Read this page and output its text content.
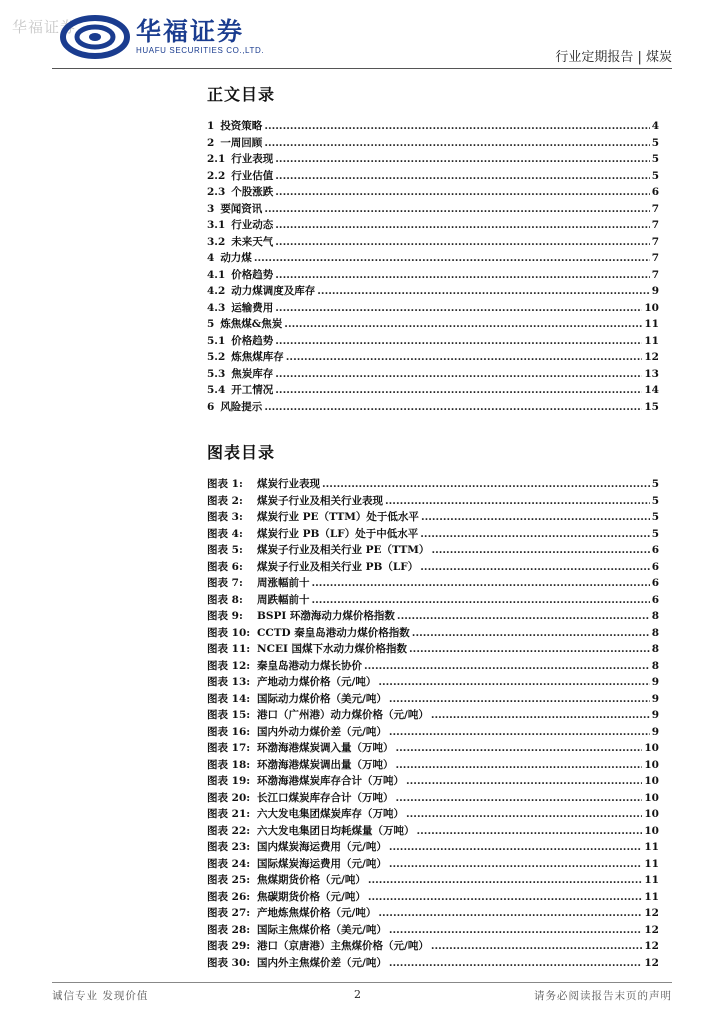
华福证券 华福证券
HUAFU SECURITIES CO.,LTD.	行业定期报告 | 煤炭
正文目录
1 投资策略 .....	4
2 一周回顾 .....	5
2.1 行业表现 .....	5
2.2 行业估值 .....	5
2.3 个股涨跌 .....	6
3 要闻资讯 .....	7
3.1 行业动态 .....	7
3.2 未来天气 .....	7
4 动力煤 .....	7
4.1 价格趋势 .....	7
4.2 动力煤调度及库存 .....	9
4.3 运输费用 .....	10
5 炼焦煤&焦炭 .....	11
5.1 价格趋势 .....	11
5.2 炼焦煤库存 .....	12
5.3 焦炭库存 .....	13
5.4 开工情况 .....	14
6 风险提示 .....	15
图表目录
图表 1:	煤炭行业表现 .....	5
图表 2:	煤炭子行业及相关行业表现 .....	5
图表 3:	煤炭行业 PE（TTM）处于低水平 .....	5
图表 4:	煤炭行业 PB（LF）处于中低水平 .....	5
图表 5:	煤炭子行业及相关行业 PE（TTM） .....	6
图表 6:	煤炭子行业及相关行业 PB（LF） .....	6
图表 7:	周涨幅前十 .....	6
图表 8:	周跌幅前十 .....	6
图表 9:	BSPI 环渤海动力煤价格指数 .....	8
图表 10: CCTD 秦皇岛港动力煤价格指数 .....	8
图表 11: NCEI 国煤下水动力煤价格指数 .....	8
图表 12: 秦皇岛港动力煤长协价 .....	8
图表 13: 产地动力煤价格（元/吨） .....	9
图表 14: 国际动力煤价格（美元/吨） .....	9
图表 15: 港口（广州港）动力煤价格（元/吨） .....	9
图表 16: 国内外动力煤价差（元/吨） .....	9
图表 17: 环渤海港煤炭调入量（万吨） .....	10
图表 18: 环渤海港煤炭调出量（万吨） .....	10
图表 19: 环渤海港煤炭库存合计（万吨） .....	10
图表 20: 长江口煤炭库存合计（万吨） .....	10
图表 21: 六大发电集团煤炭库存（万吨） .....	10
图表 22: 六大发电集团日均耗煤量（万吨） .....	10
图表 23: 国内煤炭海运费用（元/吨） .....	11
图表 24: 国际煤炭海运费用（元/吨） .....	11
图表 25: 焦煤期货价格（元/吨） .....	11
图表 26: 焦碳期货价格（元/吨） .....	11
图表 27: 产地炼焦煤价格（元/吨） .....	12
图表 28: 国际主焦煤价格（美元/吨） .....	12
图表 29: 港口（京唐港）主焦煤价格（元/吨） .....	12
图表 30: 国内外主焦煤价差（元/吨） .....	12
诚信专业 发现价值	2	请务必阅读报告末页的声明
